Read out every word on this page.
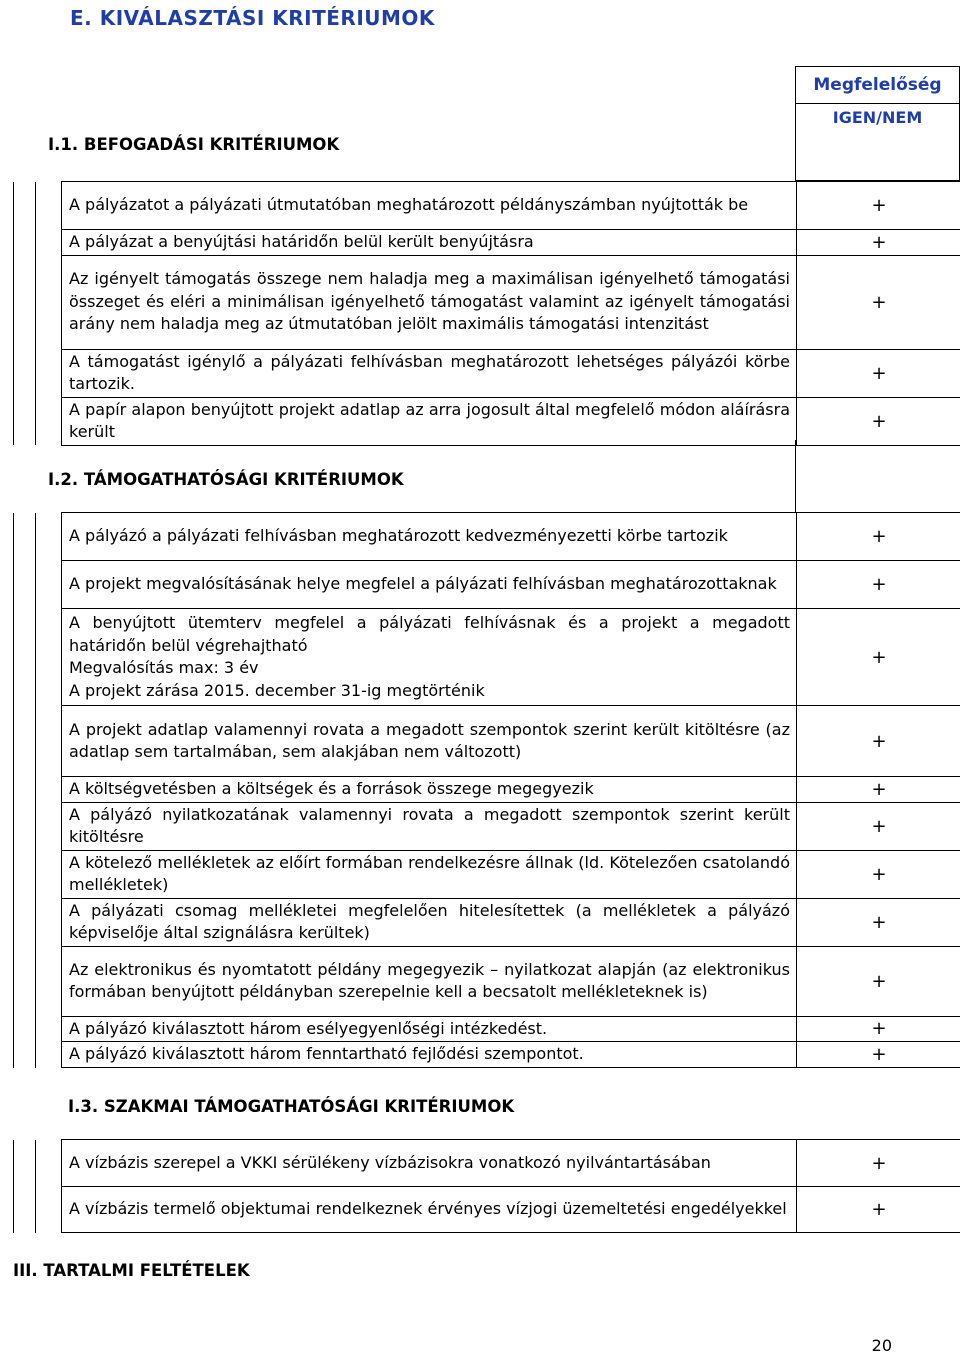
E. KIVÁLASZTÁSI KRITÉRIUMOK
Megfelelőség
IGEN/NEM
I.1. BEFOGADÁSI KRITÉRIUMOK
		A pályázatot a pályázati útmutatóban meghatározott példányszámban nyújtották be	+
		A pályázat a benyújtási határidőn belül került benyújtásra	+
		Az igényelt támogatás összege nem haladja meg a maximálisan igényelhető támogatási összeget és eléri a minimálisan igényelhető támogatást valamint az igényelt támogatási arány nem haladja meg az útmutatóban jelölt maximális támogatási intenzitást	+
		A támogatást igénylő a pályázati felhívásban meghatározott lehetséges pályázói körbe tartozik.	+
		A papír alapon benyújtott projekt adatlap az arra jogosult által megfelelő módon aláírásra került	+
I.2. TÁMOGATHATÓSÁGI KRITÉRIUMOK
		A pályázó a pályázati felhívásban meghatározott kedvezményezetti körbe tartozik	+
		A projekt megvalósításának helye megfelel a pályázati felhívásban meghatározottaknak	+

		A benyújtott ütemterv megfelel a pályázati felhívásnak és a projekt a megadott határidőn belül végrehajtható
Megvalósítás max: 3 év
A projekt zárása 2015. december 31-ig megtörténik	+
		A projekt adatlap valamennyi rovata a megadott szempontok szerint került kitöltésre (az adatlap sem tartalmában, sem alakjában nem változott)	+
		A költségvetésben a költségek és a források összege megegyezik	+
		A pályázó nyilatkozatának valamennyi rovata a megadott szempontok szerint került kitöltésre	+
		A kötelező mellékletek az előírt formában rendelkezésre állnak (ld. Kötelezően csatolandó mellékletek)	+
		A pályázati csomag mellékletei megfelelően hitelesítettek (a mellékletek a pályázó képviselője által szignálásra kerültek)	+
		Az elektronikus és nyomtatott példány megegyezik – nyilatkozat alapján (az elektronikus formában benyújtott példányban szerepelnie kell a becsatolt mellékleteknek is)	+
		A pályázó kiválasztott három esélyegyenlőségi intézkedést.	+
		A pályázó kiválasztott három fenntartható fejlődési szempontot.	+
I.3. SZAKMAI TÁMOGATHATÓSÁGI KRITÉRIUMOK
		A vízbázis szerepel a VKKI sérülékeny vízbázisokra vonatkozó nyilvántartásában	+
		A vízbázis termelő objektumai rendelkeznek érvényes vízjogi üzemeltetési engedélyekkel	+
III. TARTALMI FELTÉTELEK
20
